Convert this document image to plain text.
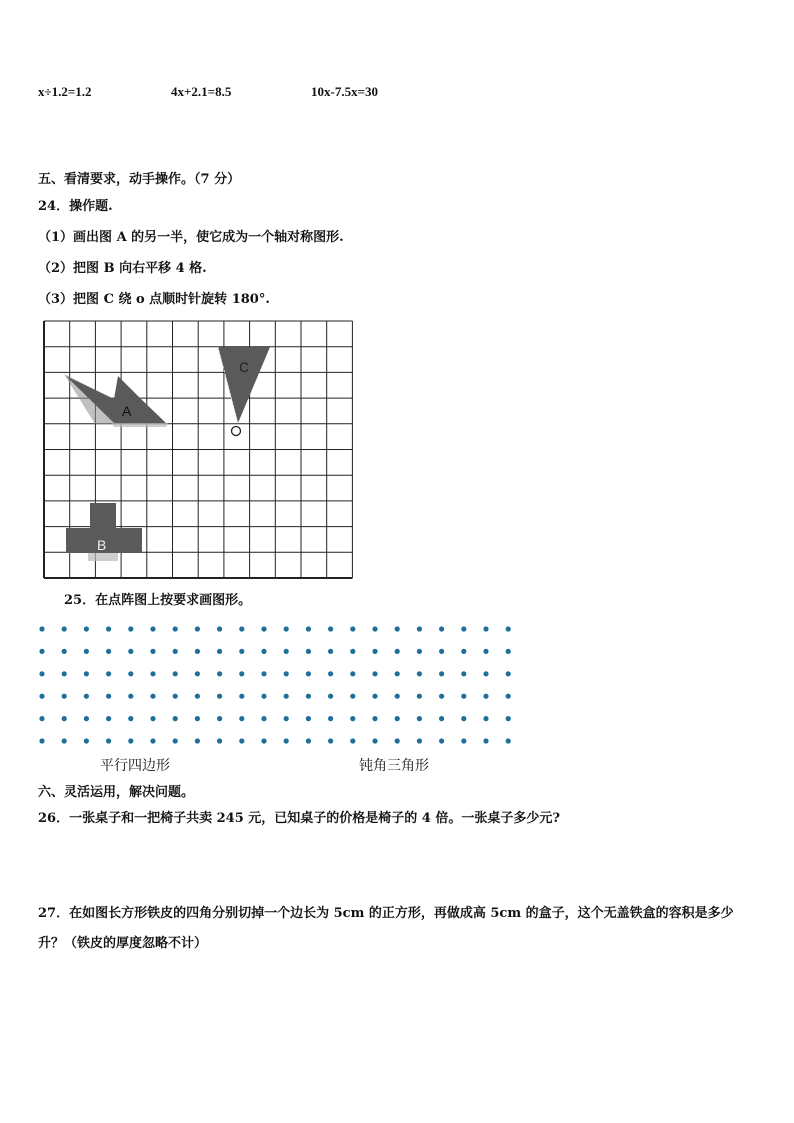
x÷1.2=1.2	4x+2.1=8.5	10x-7.5x=30
五、看清要求，动手操作。（7 分）
24．操作题.
（1）画出图 A 的另一半，使它成为一个轴对称图形.
（2）把图 B 向右平移 4 格.
（3）把图 C 绕 o 点顺时针旋转 180°.
A
B
C
25．在点阵图上按要求画图形。
平行四边形	钝角三角形
六、灵活运用，解决问题。
26．一张桌子和一把椅子共卖 245 元，已知桌子的价格是椅子的 4 倍。一张桌子多少元?
27．在如图长方形铁皮的四角分别切掉一个边长为 5cm 的正方形，再做成高 5cm 的盒子，这个无盖铁盒的容积是多少
升？（铁皮的厚度忽略不计）
